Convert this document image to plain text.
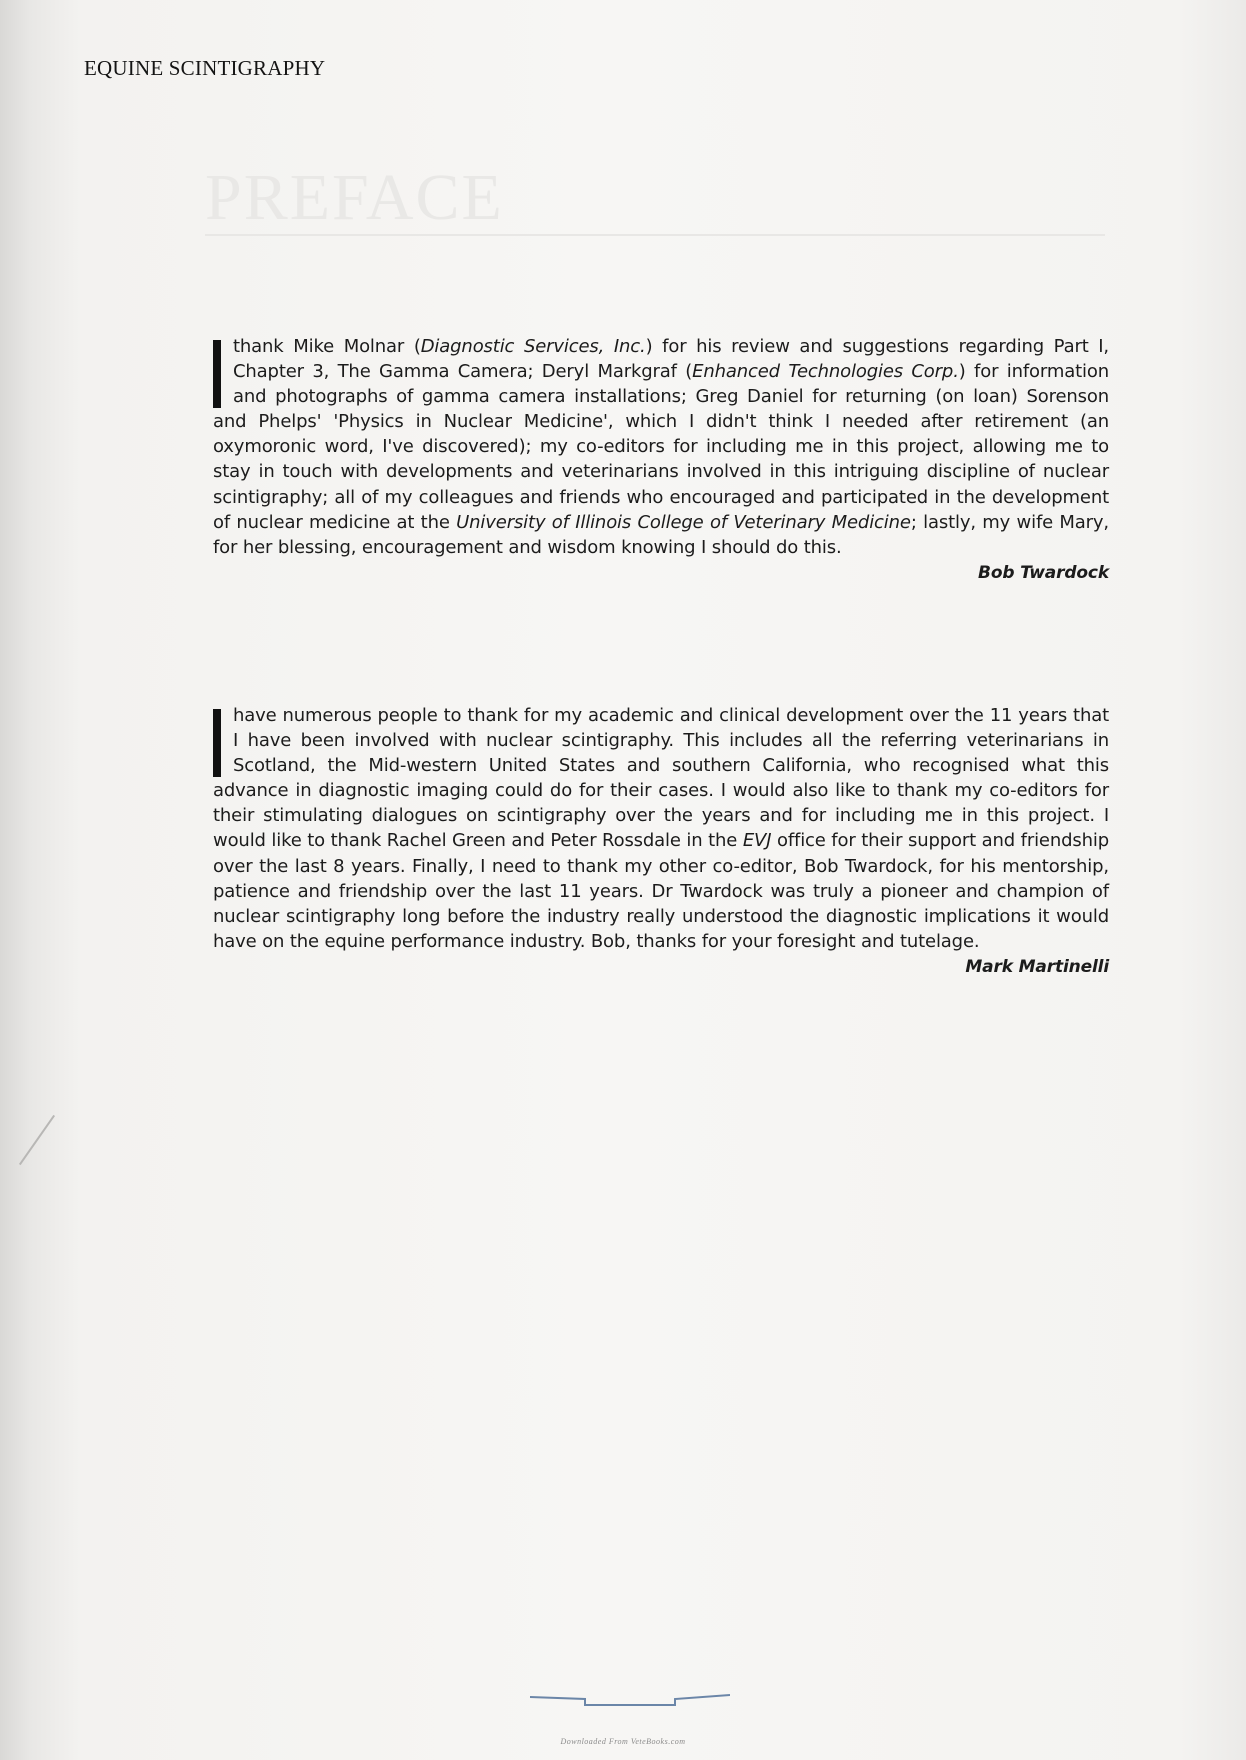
EQUINE SCINTIGRAPHY
PREFACE

thank Mike Molnar (Diagnostic Services, Inc.) for his review and suggestions regarding Part I, Chapter 3, The Gamma Camera; Deryl Markgraf (Enhanced Technologies Corp.) for information and photographs of gamma camera installations; Greg Daniel for returning (on loan) Sorenson and Phelps' 'Physics in Nuclear Medicine', which I didn't think I needed after retirement (an oxymoronic word, I've discovered); my co-editors for including me in this project, allowing me to stay in touch with developments and veterinarians involved in this intriguing discipline of nuclear scintigraphy; all of my colleagues and friends who encouraged and participated in the development of nuclear medicine at the University of Illinois College of Veterinary Medicine; lastly, my wife Mary, for her blessing, encouragement and wisdom knowing I should do this.

Bob Twardock

have numerous people to thank for my academic and clinical development over the 11 years that I have been involved with nuclear scintigraphy. This includes all the referring veterinarians in Scotland, the Mid-western United States and southern California, who recognised what this advance in diagnostic imaging could do for their cases. I would also like to thank my co-editors for their stimulating dialogues on scintigraphy over the years and for including me in this project. I would like to thank Rachel Green and Peter Rossdale in the EVJ office for their support and friendship over the last 8 years. Finally, I need to thank my other co-editor, Bob Twardock, for his mentorship, patience and friendship over the last 11 years. Dr Twardock was truly a pioneer and champion of nuclear scintigraphy long before the industry really understood the diagnostic implications it would have on the equine performance industry. Bob, thanks for your foresight and tutelage.

Mark Martinelli
Downloaded From VeteBooks.com
